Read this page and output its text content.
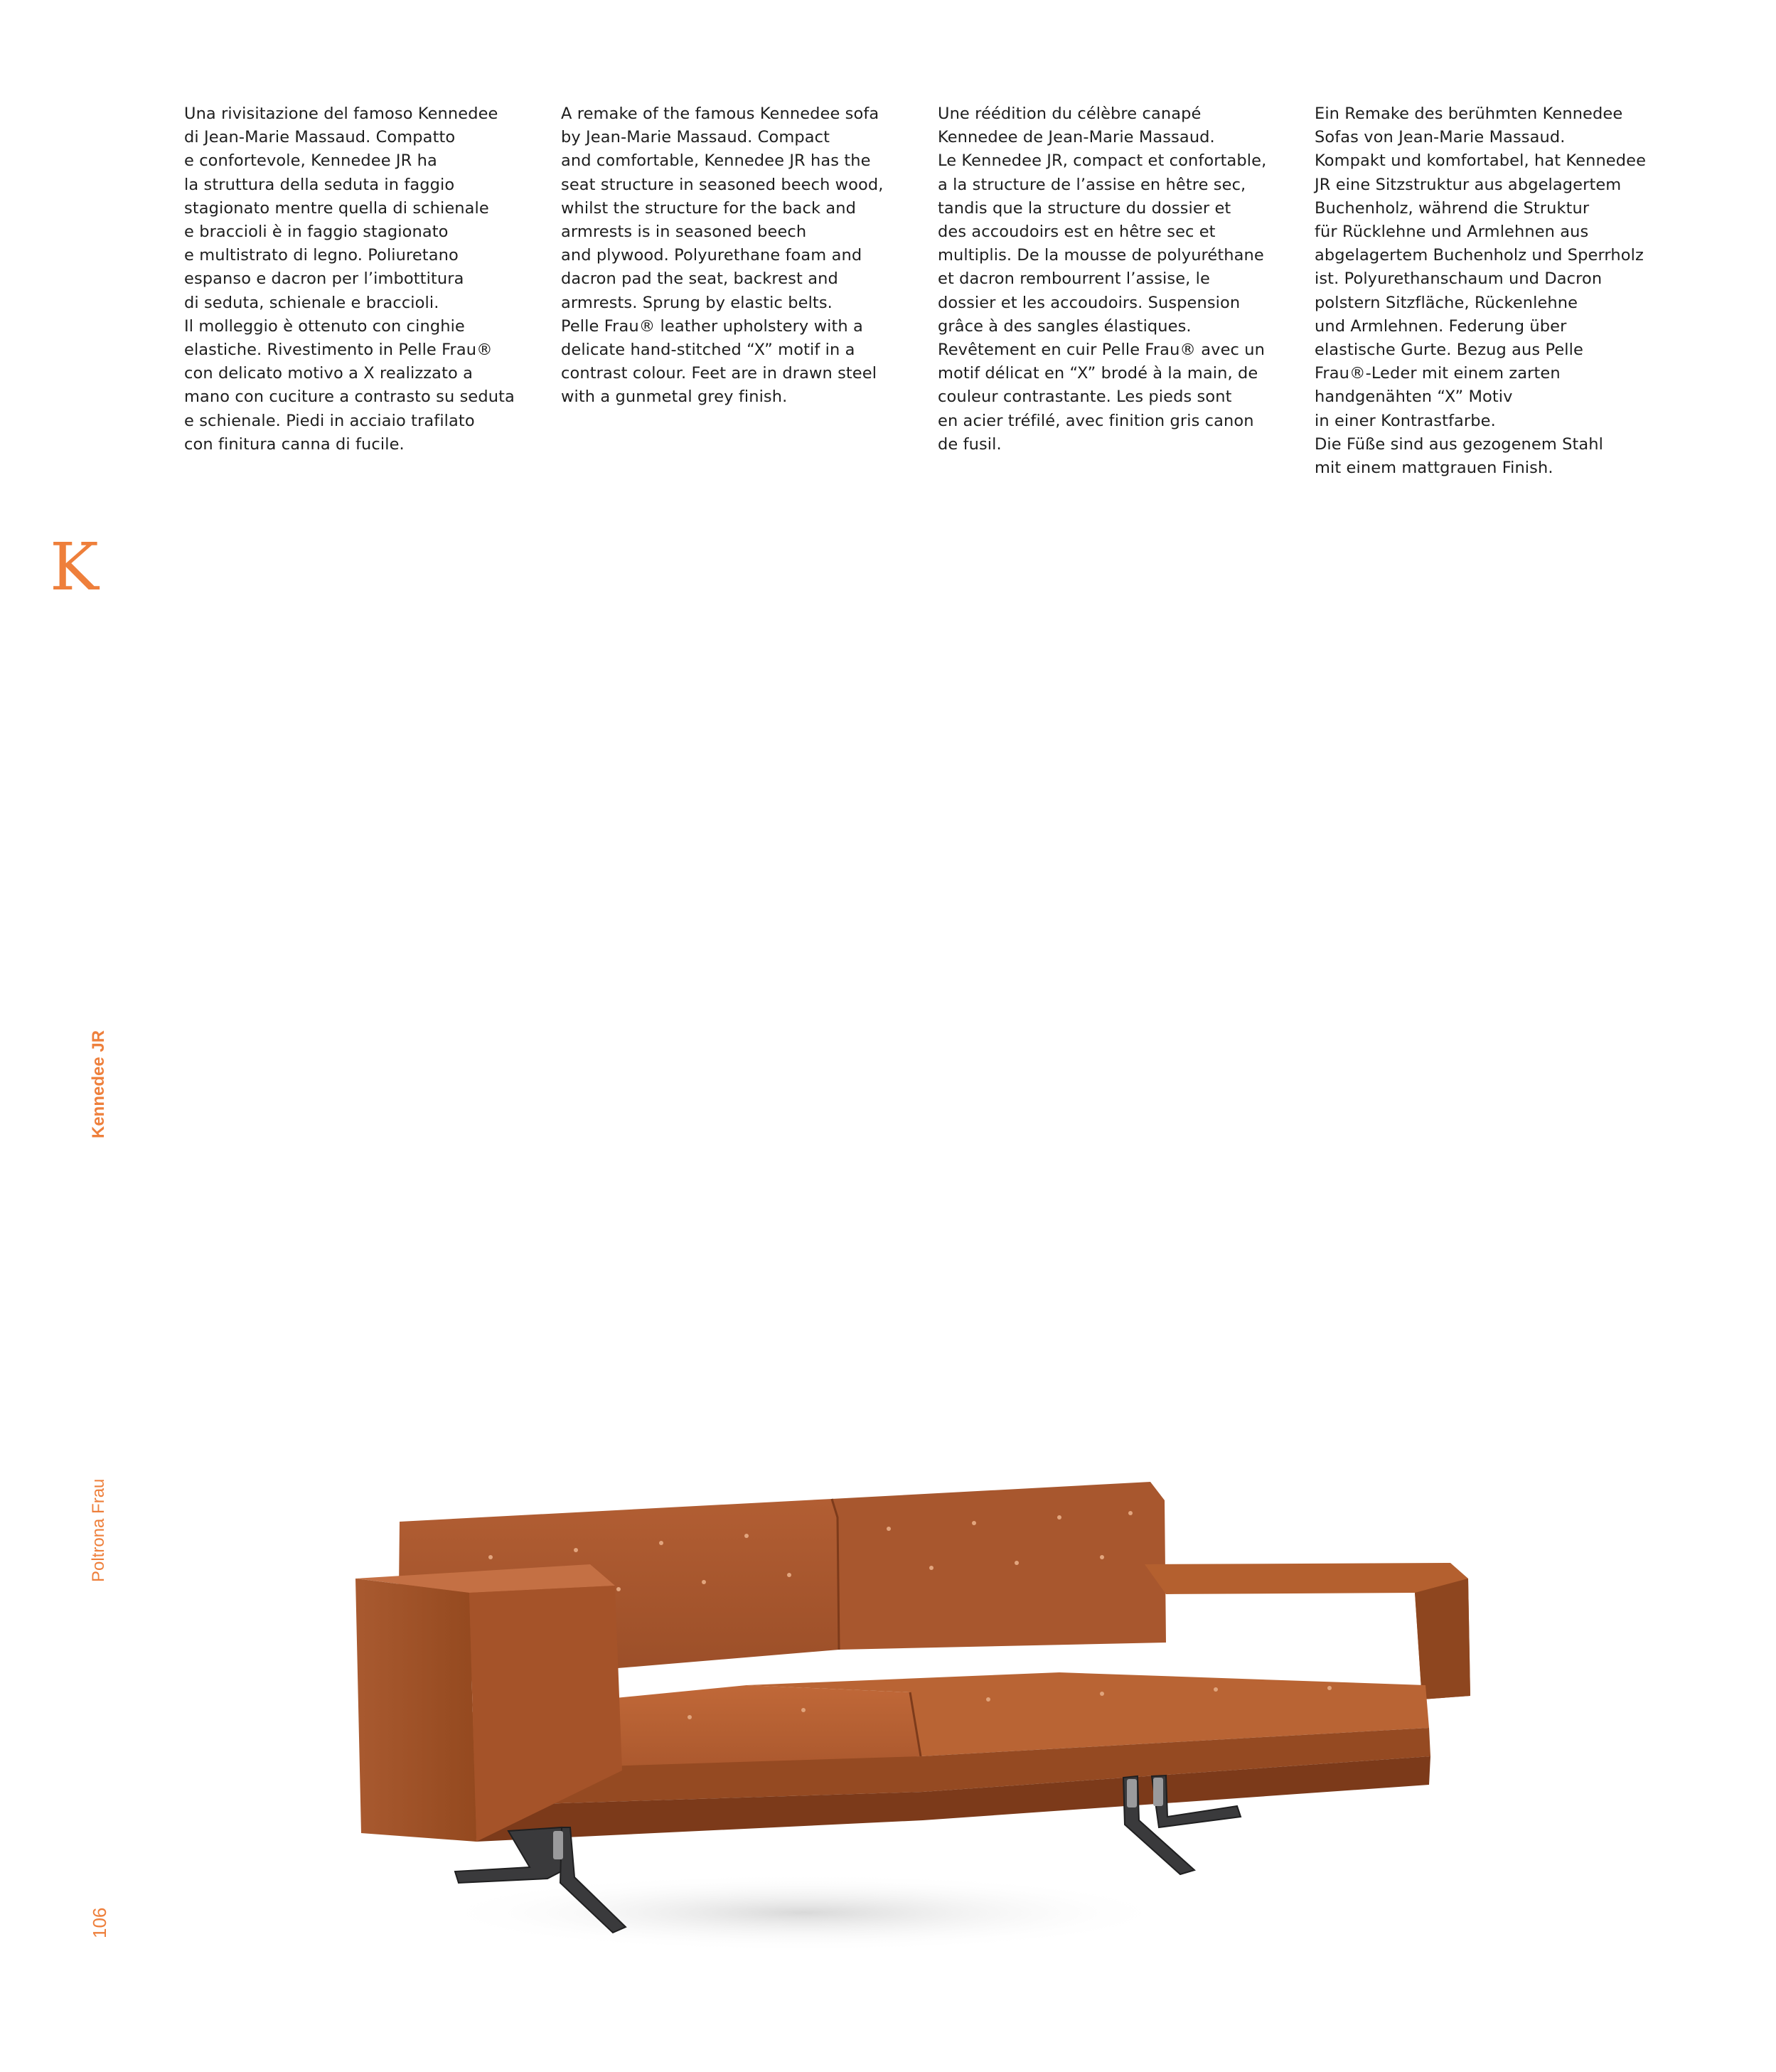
Una rivisitazione del famoso Kennedee
di Jean-Marie Massaud. Compatto
e confortevole, Kennedee JR ha
la struttura della seduta in faggio
stagionato mentre quella di schienale
e braccioli è in faggio stagionato
e multistrato di legno. Poliuretano
espanso e dacron per l’imbottitura
di seduta, schienale e braccioli.
Il molleggio è ottenuto con cinghie
elastiche. Rivestimento in Pelle Frau®
con delicato motivo a X realizzato a
mano con cuciture a contrasto su seduta
e schienale. Piedi in acciaio trafilato
con finitura canna di fucile.
A remake of the famous Kennedee sofa
by Jean-Marie Massaud. Compact
and comfortable, Kennedee JR has the
seat structure in seasoned beech wood,
whilst the structure for the back and
armrests is in seasoned beech
and plywood. Polyurethane foam and
dacron pad the seat, backrest and
armrests. Sprung by elastic belts.
Pelle Frau® leather upholstery with a
delicate hand-stitched “X” motif in a
contrast colour. Feet are in drawn steel
with a gunmetal grey finish.
Une réédition du célèbre canapé
Kennedee de Jean-Marie Massaud.
Le Kennedee JR, compact et confortable,
a la structure de l’assise en hêtre sec,
tandis que la structure du dossier et
des accoudoirs est en hêtre sec et
multiplis. De la mousse de polyuréthane
et dacron rembourrent l’assise, le
dossier et les accoudoirs. Suspension
grâce à des sangles élastiques.
Revêtement en cuir Pelle Frau® avec un
motif délicat en “X” brodé à la main, de
couleur contrastante. Les pieds sont
en acier tréfilé, avec finition gris canon
de fusil.
Ein Remake des berühmten Kennedee
Sofas von Jean-Marie Massaud.
Kompakt und komfortabel, hat Kennedee
JR eine Sitzstruktur aus abgelagertem
Buchenholz, während die Struktur
für Rücklehne und Armlehnen aus
abgelagertem Buchenholz und Sperrholz
ist. Polyurethanschaum und Dacron
polstern Sitzfläche, Rückenlehne
und Armlehnen. Federung über
elastische Gurte. Bezug aus Pelle
Frau®-Leder mit einem zarten
handgenähten “X” Motiv
in einer Kontrastfarbe.
Die Füße sind aus gezogenem Stahl
mit einem mattgrauen Finish.
K
Kennedee JR
Poltrona Frau
106
